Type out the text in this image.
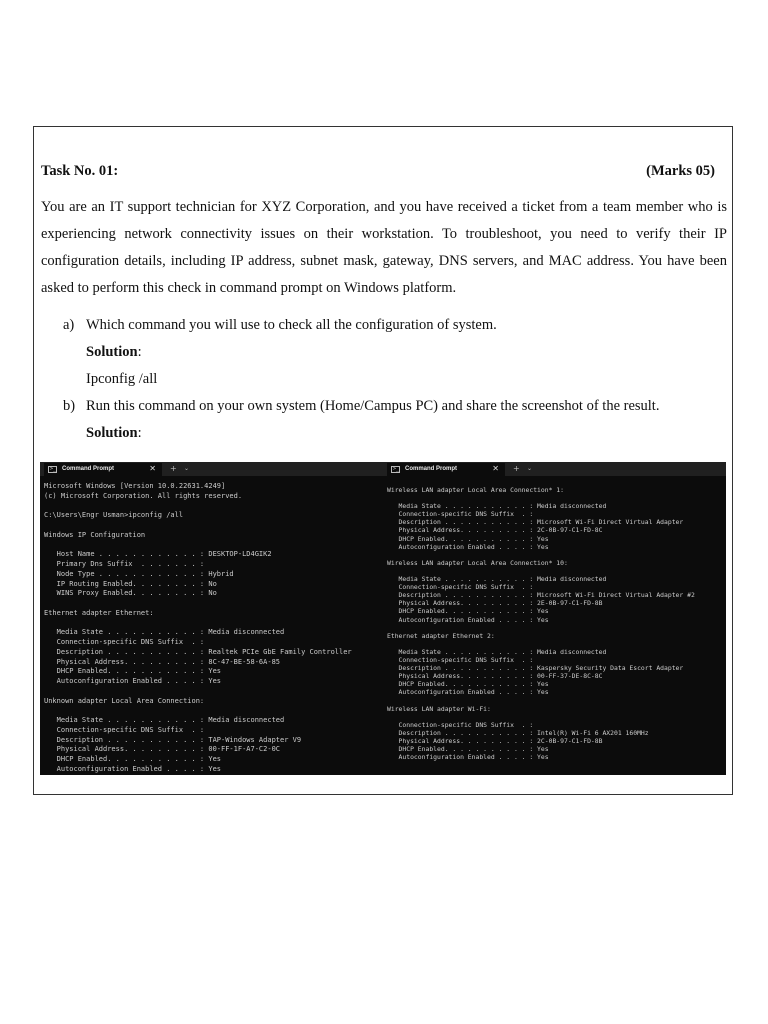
Task No. 01:	(Marks 05)
You are an IT support technician for XYZ Corporation, and you have received a ticket from a team member who is experiencing network connectivity issues on their workstation. To troubleshoot, you need to verify their IP configuration details, including IP address, subnet mask, gateway, DNS servers, and MAC address. You have been asked to perform this check in command prompt on Windows platform.
a) Which command you will use to check all the configuration of system.
Solution:
Ipconfig /all
b) Run this command on your own system (Home/Campus PC) and share the screenshot of the result.
Solution:
>_ Command Prompt	✕ + ⌄
Microsoft Windows [Version 10.0.22631.4249]
(c) Microsoft Corporation. All rights reserved.

C:\Users\Engr Usman>ipconfig /all

Windows IP Configuration

Host Name . . . . . . . . . . . . : DESKTOP-LD4GIK2
Primary Dns Suffix  . . . . . . . :
Node Type . . . . . . . . . . . . : Hybrid
IP Routing Enabled. . . . . . . . : No
WINS Proxy Enabled. . . . . . . . : No

Ethernet adapter Ethernet:

Media State . . . . . . . . . . . : Media disconnected
Connection-specific DNS Suffix  . :
Description . . . . . . . . . . . : Realtek PCIe GbE Family Controller
Physical Address. . . . . . . . . : 8C-47-BE-58-6A-85
DHCP Enabled. . . . . . . . . . . : Yes
Autoconfiguration Enabled . . . . : Yes

Unknown adapter Local Area Connection:

Media State . . . . . . . . . . . : Media disconnected
Connection-specific DNS Suffix  . :
Description . . . . . . . . . . . : TAP-Windows Adapter V9
Physical Address. . . . . . . . . : 00-FF-1F-A7-C2-0C
DHCP Enabled. . . . . . . . . . . : Yes
Autoconfiguration Enabled . . . . : Yes
>_ Command Prompt	✕ + ⌄
Wireless LAN adapter Local Area Connection* 1:

Media State . . . . . . . . . . . : Media disconnected
Connection-specific DNS Suffix  . :
Description . . . . . . . . . . . : Microsoft Wi-Fi Direct Virtual Adapter
Physical Address. . . . . . . . . : 2C-0B-97-C1-FD-8C
DHCP Enabled. . . . . . . . . . . : Yes
Autoconfiguration Enabled . . . . : Yes

Wireless LAN adapter Local Area Connection* 10:

Media State . . . . . . . . . . . : Media disconnected
Connection-specific DNS Suffix  . :
Description . . . . . . . . . . . : Microsoft Wi-Fi Direct Virtual Adapter #2
Physical Address. . . . . . . . . : 2E-0B-97-C1-FD-8B
DHCP Enabled. . . . . . . . . . . : Yes
Autoconfiguration Enabled . . . . : Yes

Ethernet adapter Ethernet 2:

Media State . . . . . . . . . . . : Media disconnected
Connection-specific DNS Suffix  . :
Description . . . . . . . . . . . : Kaspersky Security Data Escort Adapter
Physical Address. . . . . . . . . : 00-FF-37-DE-8C-8C
DHCP Enabled. . . . . . . . . . . : Yes
Autoconfiguration Enabled . . . . : Yes

Wireless LAN adapter Wi-Fi:

Connection-specific DNS Suffix  . :
Description . . . . . . . . . . . : Intel(R) Wi-Fi 6 AX201 160MHz
Physical Address. . . . . . . . . : 2C-0B-97-C1-FD-8B
DHCP Enabled. . . . . . . . . . . : Yes
Autoconfiguration Enabled . . . . : Yes
